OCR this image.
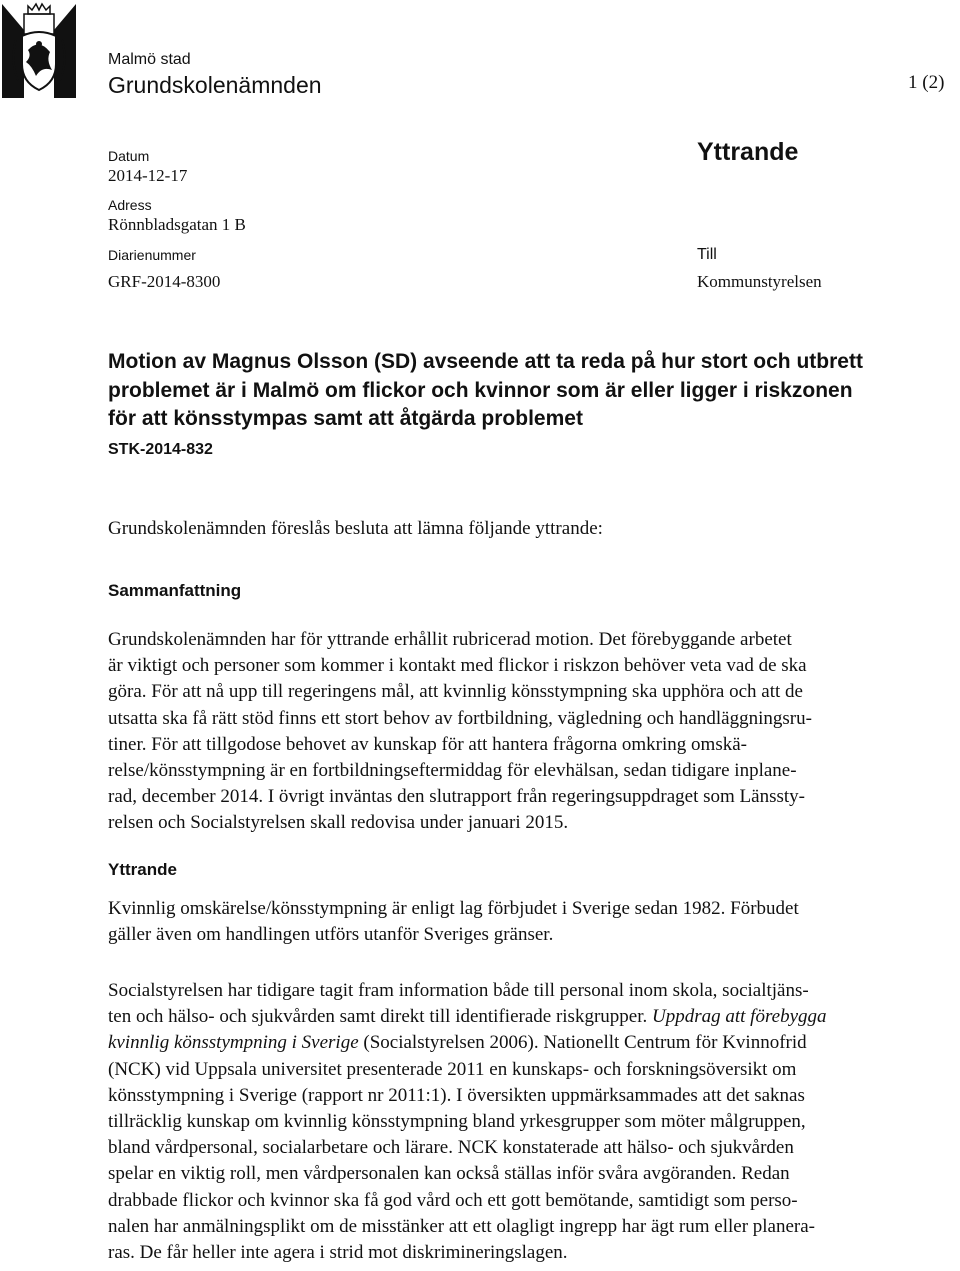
Malmö stad
Grundskolenämnden	1 (2)
Datum
2014-12-17
Adress
Rönnbladsgatan 1 B
Diarienummer
GRF-2014-8300
Yttrande
Till
Kommunstyrelsen
Motion av Magnus Olsson (SD) avseende att ta reda på hur stort och utbrett
problemet är i Malmö om flickor och kvinnor som är eller ligger i riskzonen
för att könsstympas samt att åtgärda problemet
STK-2014-832
Grundskolenämnden föreslås besluta att lämna följande yttrande:
Sammanfattning
Grundskolenämnden har för yttrande erhållit rubricerad motion. Det förebyggande arbetet
är viktigt och personer som kommer i kontakt med flickor i riskzon behöver veta vad de ska
göra. För att nå upp till regeringens mål, att kvinnlig könsstympning ska upphöra och att de
utsatta ska få rätt stöd finns ett stort behov av fortbildning, vägledning och handläggningsru-
tiner. För att tillgodose behovet av kunskap för att hantera frågorna omkring omskä-
relse/könsstympning är en fortbildningseftermiddag för elevhälsan, sedan tidigare inplane-
rad, december 2014. I övrigt inväntas den slutrapport från regeringsuppdraget som Länssty-
relsen och Socialstyrelsen skall redovisa under januari 2015.
Yttrande
Kvinnlig omskärelse/könsstympning är enligt lag förbjudet i Sverige sedan 1982. Förbudet
gäller även om handlingen utförs utanför Sveriges gränser.
Socialstyrelsen har tidigare tagit fram information både till personal inom skola, socialtjäns-
ten och hälso- och sjukvården samt direkt till identifierade riskgrupper. Uppdrag att förebygga
kvinnlig könsstympning i Sverige (Socialstyrelsen 2006). Nationellt Centrum för Kvinnofrid
(NCK) vid Uppsala universitet presenterade 2011 en kunskaps- och forskningsöversikt om
könsstympning i Sverige (rapport nr 2011:1). I översikten uppmärksammades att det saknas
tillräcklig kunskap om kvinnlig könsstympning bland yrkesgrupper som möter målgruppen,
bland vårdpersonal, socialarbetare och lärare. NCK konstaterade att hälso- och sjukvården
spelar en viktig roll, men vårdpersonalen kan också ställas inför svåra avgöranden. Redan
drabbade flickor och kvinnor ska få god vård och ett gott bemötande, samtidigt som perso-
nalen har anmälningsplikt om de misstänker att ett olagligt ingrepp har ägt rum eller planera-
ras. De får heller inte agera i strid mot diskrimineringslagen.
